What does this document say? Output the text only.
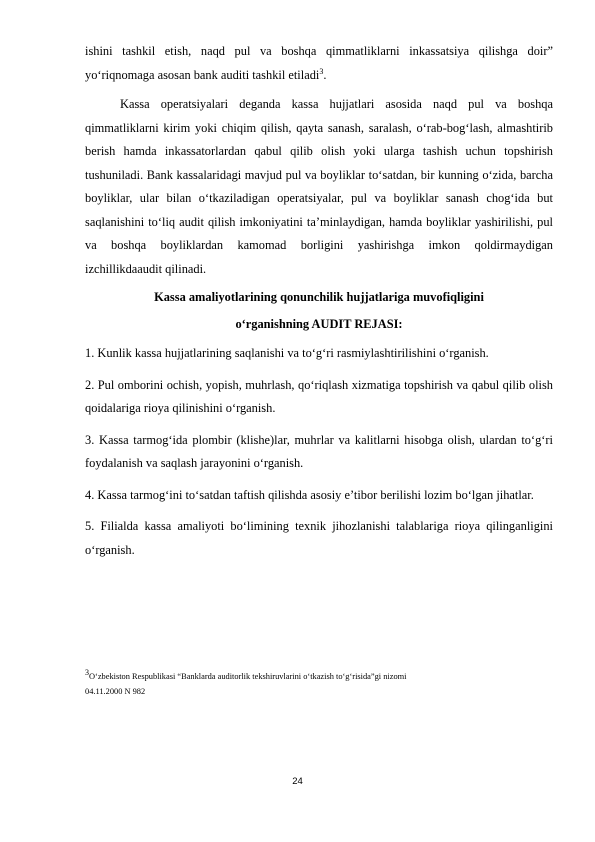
ishini tashkil etish, naqd pul va boshqa qimmatliklarni inkassatsiya qilishga doir” yo‘riqnomaga asosan bank auditi tashkil etiladi$^3$.

Kassa operatsiyalari deganda kassa hujjatlari asosida naqd pul va boshqa qimmatliklarni kirim yoki chiqim qilish, qayta sanash, saralash, o‘rab-bog‘lash, almashtirib berish hamda inkassatorlardan qabul qilib olish yoki ularga tashish uchun topshirish tushuniladi. Bank kassalaridagi mavjud pul va boyliklar to‘satdan, bir kunning o‘zida, barcha boyliklar, ular bilan o‘tkaziladigan operatsiyalar, pul va boyliklar sanash chog‘ida but saqlanishini to‘liq audit qilish imkoniyatini ta’minlaydigan, hamda boyliklar yashirilishi, pul va boshqa boyliklardan kamomad borligini yashirishga imkon qoldirmaydigan izchillikdaaudit qilinadi.

Kassa amaliyotlarining qonunchilik hujjatlariga muvofiqligini

o‘rganishning AUDIT REJASI:

1. Kunlik kassa hujjatlarining saqlanishi va to‘g‘ri rasmiylashtirilishini o‘rganish.

2. Pul omborini ochish, yopish, muhrlash, qo‘riqlash xizmatiga topshirish va qabul qilib olish qoidalariga rioya qilinishini o‘rganish.

3. Kassa tarmog‘ida plombir (klishe)lar, muhrlar va kalitlarni hisobga olish, ulardan to‘g‘ri foydalanish va saqlash jarayonini o‘rganish.

4. Kassa tarmog‘ini to‘satdan taftish qilishda asosiy e’tibor berilishi lozim bo‘lgan jihatlar.

5. Filialda kassa amaliyoti bo‘limining texnik jihozlanishi talablariga rioya qilinganligini o‘rganish.

$^3$O‘zbekiston Respublikasi “Banklarda auditorlik tekshiruvlarini o‘tkazish to‘g‘risida”gi nizomi

04.11.2000 N 982

24
